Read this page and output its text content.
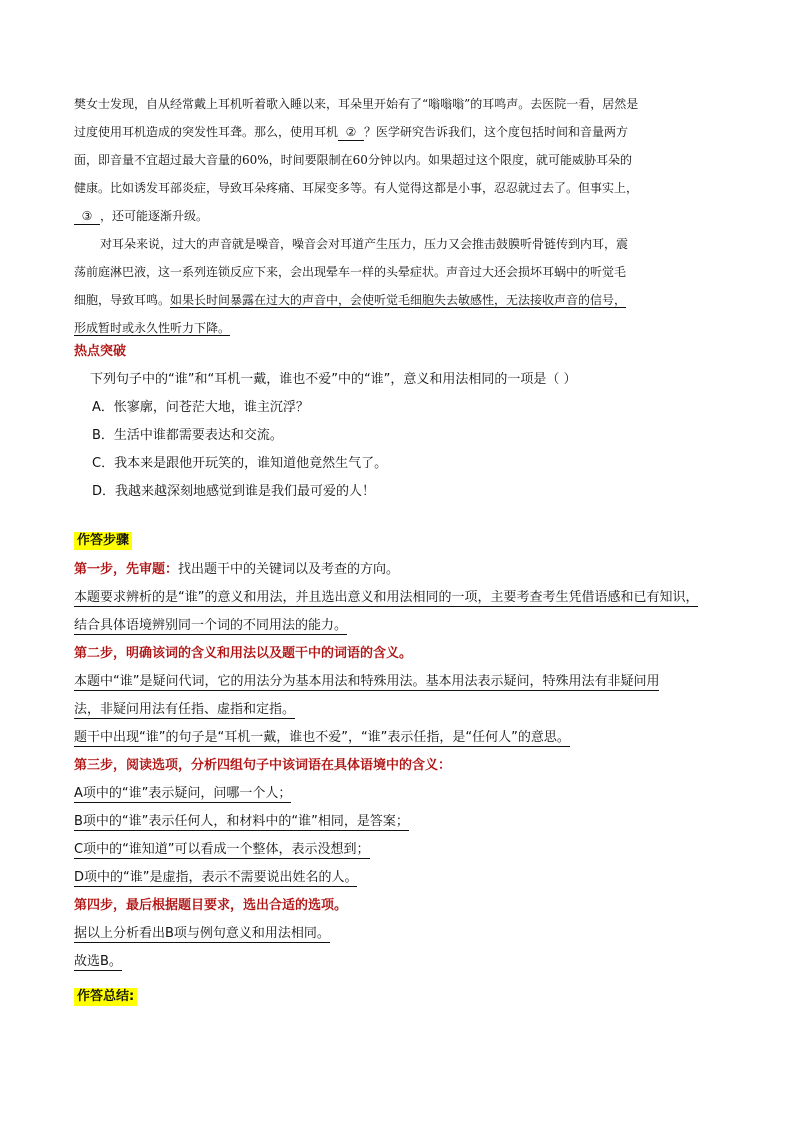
樊女士发现，自从经常戴上耳机听着歌入睡以来，耳朵里开始有了“嗡嗡嗡”的耳鸣声。去医院一看，居然是

过度使用耳机造成的突发性耳聋。那么，使用耳机 ② ？医学研究告诉我们，这个度包括时间和音量两方

面，即音量不宜超过最大音量的60%，时间要限制在60分钟以内。如果超过这个限度，就可能威胁耳朵的

健康。比如诱发耳部炎症，导致耳朵疼痛、耳屎变多等。有人觉得这都是小事，忍忍就过去了。但事实上，

③ ，还可能逐渐升级。

对耳朵来说，过大的声音就是噪音，噪音会对耳道产生压力，压力又会推击鼓膜听骨链传到内耳，震

荡前庭淋巴液，这一系列连锁反应下来，会出现晕车一样的头晕症状。声音过大还会损坏耳蜗中的听觉毛

细胞，导致耳鸣。如果长时间暴露在过大的声音中，会使听觉毛细胞失去敏感性，无法接收声音的信号，

形成暂时或永久性听力下降。

热点突破

下列句子中的“谁”和“耳机一戴，谁也不爱”中的“谁”，意义和用法相同的一项是（ ）

A．怅寥廓，问苍茫大地，谁主沉浮？

B．生活中谁都需要表达和交流。

C．我本来是跟他开玩笑的，谁知道他竟然生气了。

D．我越来越深刻地感觉到谁是我们最可爱的人！

作答步骤

第一步，先审题：找出题干中的关键词以及考查的方向。

本题要求辨析的是“谁”的意义和用法，并且选出意义和用法相同的一项，主要考查考生凭借语感和已有知识，

结合具体语境辨别同一个词的不同用法的能力。

第二步，明确该词的含义和用法以及题干中的词语的含义。

本题中“谁”是疑问代词，它的用法分为基本用法和特殊用法。基本用法表示疑问，特殊用法有非疑问用

法，非疑问用法有任指、虚指和定指。

题干中出现“谁”的句子是“耳机一戴，谁也不爱”，“谁”表示任指，是“任何人”的意思。

第三步，阅读选项，分析四组句子中该词语在具体语境中的含义：

A项中的“谁”表示疑问，问哪一个人；

B项中的“谁”表示任何人，和材料中的“谁”相同，是答案；

C项中的“谁知道”可以看成一个整体，表示没想到；

D项中的“谁”是虚指，表示不需要说出姓名的人。

第四步，最后根据题目要求，选出合适的选项。

据以上分析看出B项与例句意义和用法相同。

故选B。

作答总结:
